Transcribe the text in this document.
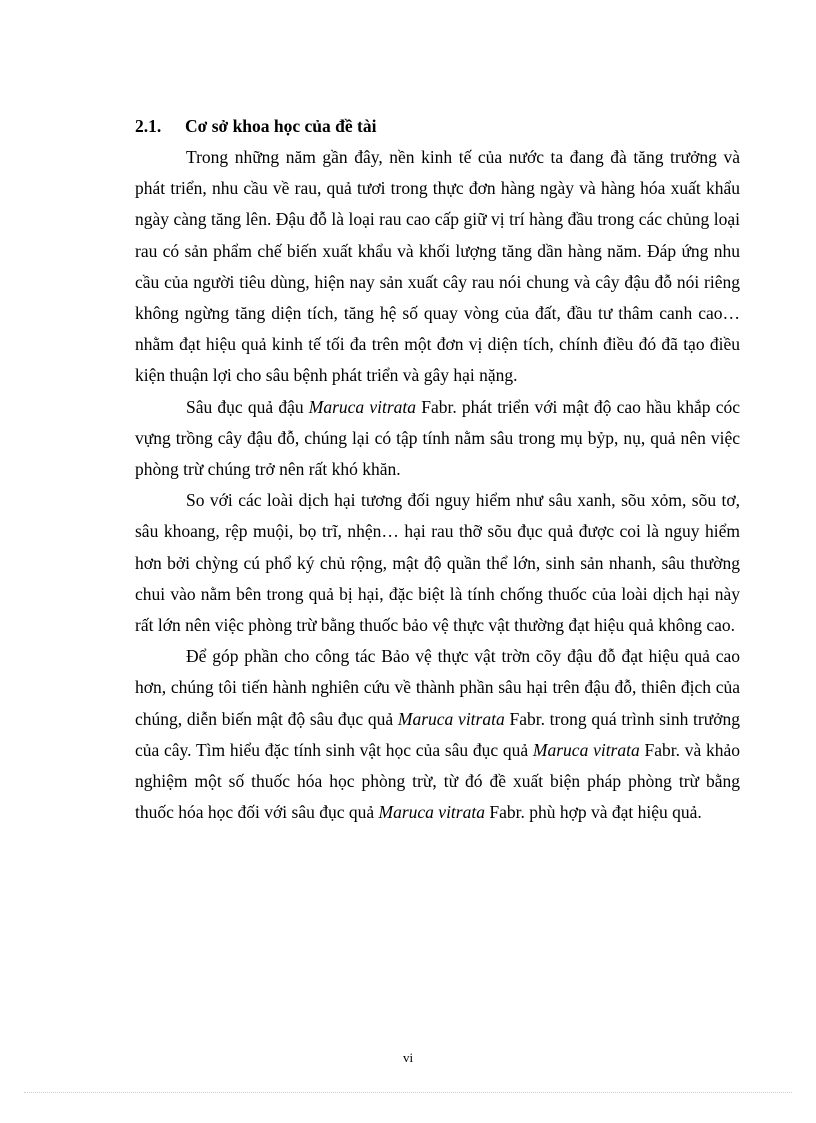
2.1. Cơ sở khoa học của đề tài

Trong những năm gần đây, nền kinh tế của nước ta đang đà tăng trưởng và phát triển, nhu cầu về rau, quả tươi trong thực đơn hàng ngày và hàng hóa xuất khẩu ngày càng tăng lên. Đậu đỗ là loại rau cao cấp giữ vị trí hàng đầu trong các chủng loại rau có sản phẩm chế biến xuất khẩu và khối lượng tăng dần hàng năm. Đáp ứng nhu cầu của người tiêu dùng, hiện nay sản xuất cây rau nói chung và cây đậu đỗ nói riêng không ngừng tăng diện tích, tăng hệ số quay vòng của đất, đầu tư thâm canh cao… nhằm đạt hiệu quả kinh tế tối đa trên một đơn vị diện tích, chính điều đó đã tạo điều kiện thuận lợi cho sâu bệnh phát triển và gây hại nặng.

Sâu đục quả đậu Maruca vitrata Fabr. phát triển với mật độ cao hầu khắp cóc vựng trồng cây đậu đỗ, chúng lại có tập tính nằm sâu trong mụ bỷp, nụ, quả nên việc phòng trừ chúng trở nên rất khó khăn.

So với các loài dịch hại tương đối nguy hiểm như sâu xanh, sõu xỏm, sõu tơ, sâu khoang, rệp muội, bọ trĩ, nhện… hại rau thỡ sõu đục quả được coi là nguy hiểm hơn bởi chỳng cú phổ ký chủ rộng, mật độ quần thể lớn, sinh sản nhanh, sâu thường chui vào nằm bên trong quả bị hại, đặc biệt là tính chống thuốc của loài dịch hại này rất lớn nên việc phòng trừ bằng thuốc bảo vệ thực vật thường đạt hiệu quả không cao.

Để góp phần cho công tác Bảo vệ thực vật trờn cõy đậu đỗ đạt hiệu quả cao hơn, chúng tôi tiến hành nghiên cứu về thành phần sâu hại trên đậu đỗ, thiên địch của chúng, diễn biến mật độ sâu đục quả Maruca vitrata Fabr. trong quá trình sinh trưởng của cây. Tìm hiểu đặc tính sinh vật học của sâu đục quả Maruca vitrata Fabr. và khảo nghiệm một số thuốc hóa học phòng trừ, từ đó đề xuất biện pháp phòng trừ bằng thuốc hóa học đối với sâu đục quả Maruca vitrata Fabr. phù hợp và đạt hiệu quả.

vi
